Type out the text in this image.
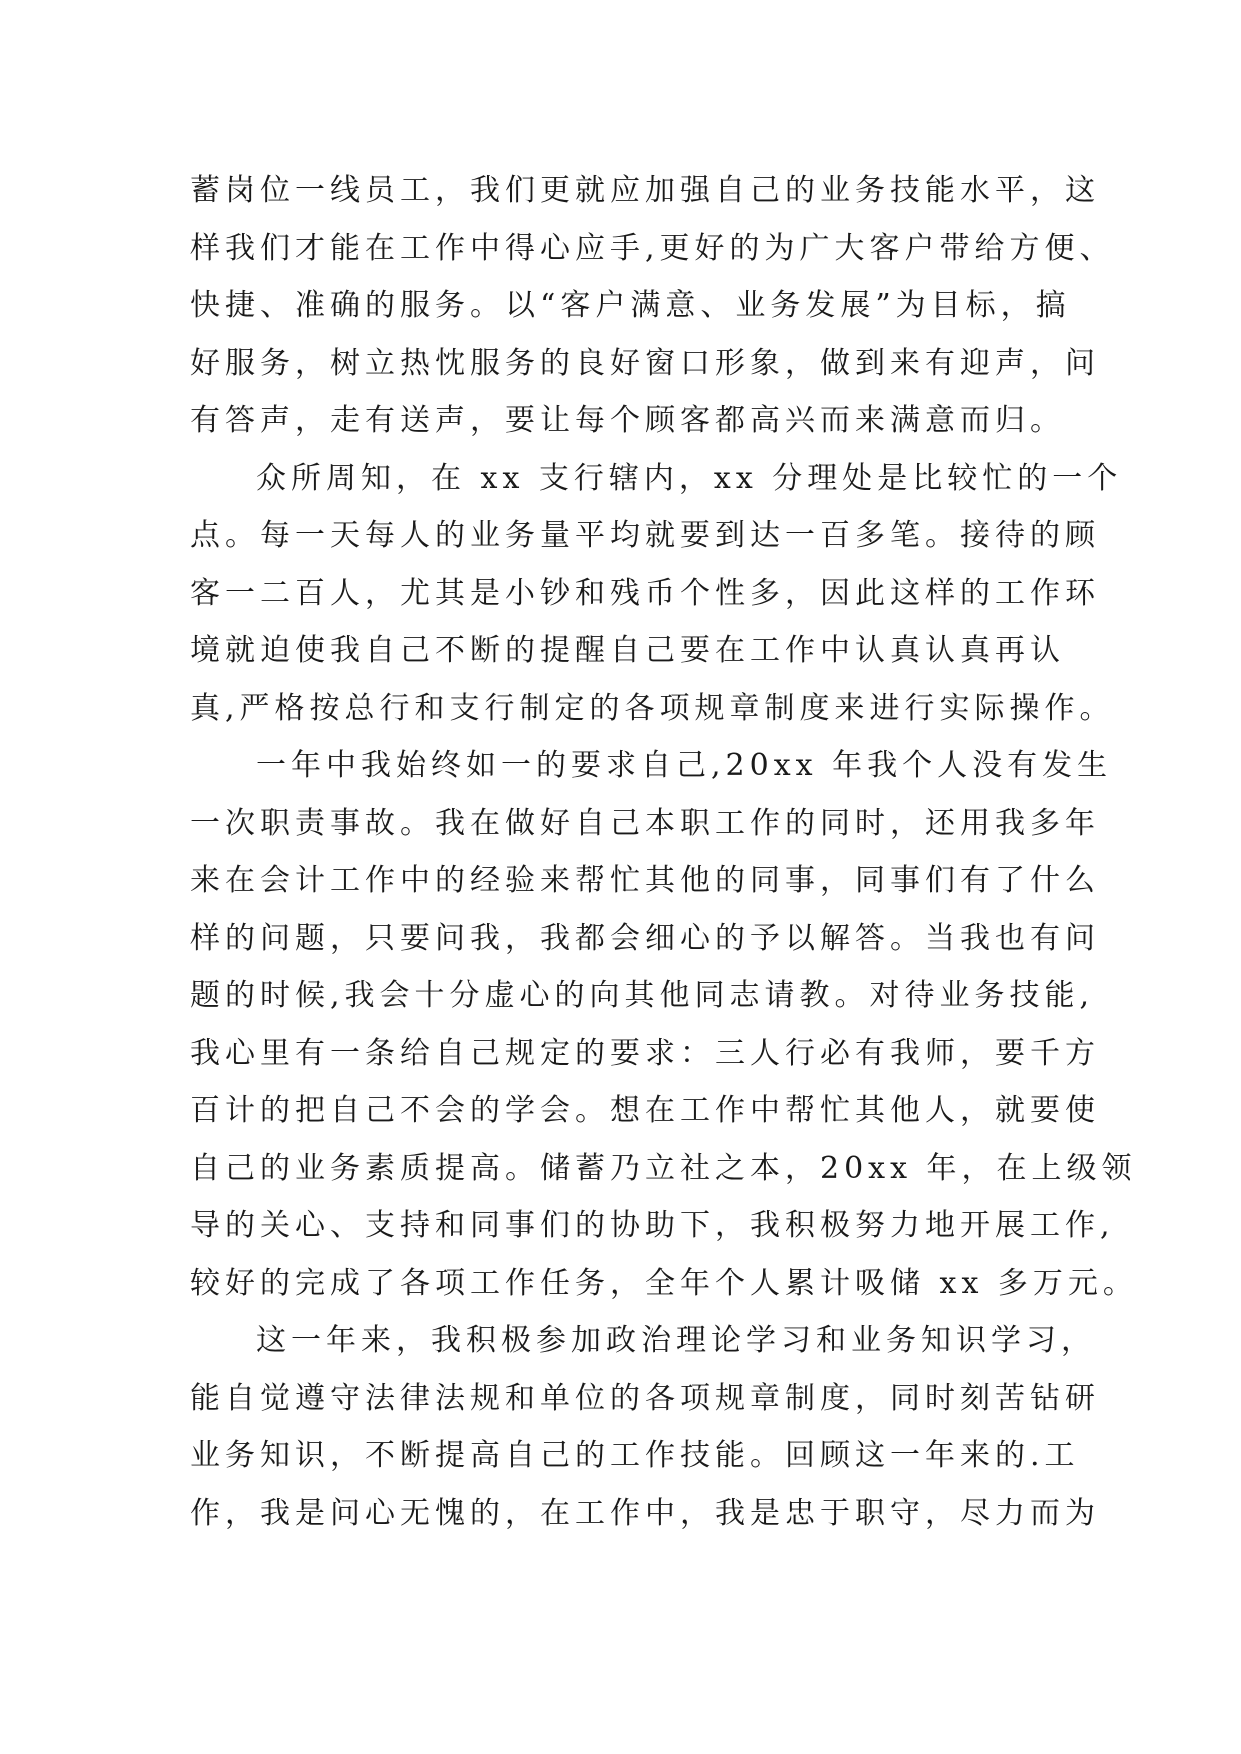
蓄岗位一线员工，我们更就应加强自己的业务技能水平，这
样我们才能在工作中得心应手,更好的为广大客户带给方便、
快捷、准确的服务。以“客户满意、业务发展”为目标，搞
好服务，树立热忱服务的良好窗口形象，做到来有迎声，问
有答声，走有送声，要让每个顾客都高兴而来满意而归。
众所周知，在 xx 支行辖内，xx 分理处是比较忙的一个
点。每一天每人的业务量平均就要到达一百多笔。接待的顾
客一二百人，尤其是小钞和残币个性多，因此这样的工作环
境就迫使我自己不断的提醒自己要在工作中认真认真再认
真,严格按总行和支行制定的各项规章制度来进行实际操作。
一年中我始终如一的要求自己,20xx 年我个人没有发生
一次职责事故。我在做好自己本职工作的同时，还用我多年
来在会计工作中的经验来帮忙其他的同事，同事们有了什么
样的问题，只要问我，我都会细心的予以解答。当我也有问
题的时候,我会十分虚心的向其他同志请教。对待业务技能,
我心里有一条给自己规定的要求：三人行必有我师，要千方
百计的把自己不会的学会。想在工作中帮忙其他人，就要使
自己的业务素质提高。储蓄乃立社之本，20xx 年，在上级领
导的关心、支持和同事们的协助下，我积极努力地开展工作,
较好的完成了各项工作任务，全年个人累计吸储 xx 多万元。
这一年来，我积极参加政治理论学习和业务知识学习，
能自觉遵守法律法规和单位的各项规章制度，同时刻苦钻研
业务知识，不断提高自己的工作技能。回顾这一年来的.工
作，我是问心无愧的，在工作中，我是忠于职守，尽力而为
